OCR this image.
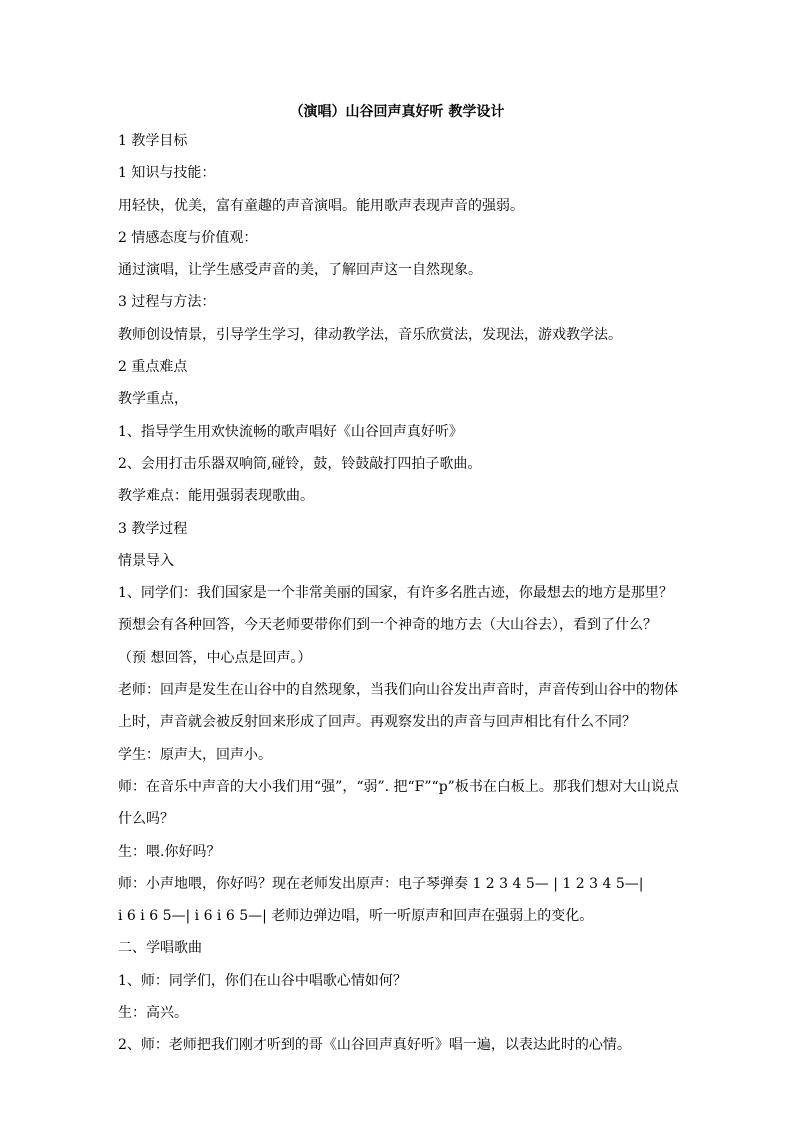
（演唱）山谷回声真好听 教学设计
1 教学目标
1 知识与技能：
用轻快，优美，富有童趣的声音演唱。能用歌声表现声音的强弱。
2 情感态度与价值观：
通过演唱，让学生感受声音的美，了解回声这一自然现象。
3 过程与方法：
教师创设情景，引导学生学习，律动教学法，音乐欣赏法，发现法，游戏教学法。
2 重点难点
教学重点，
1、指导学生用欢快流畅的歌声唱好《山谷回声真好听》
2、会用打击乐器双响筒,碰铃，鼓，铃鼓敲打四拍子歌曲。
教学难点：能用强弱表现歌曲。
3 教学过程
情景导入
1、同学们：我们国家是一个非常美丽的国家，有许多名胜古迹，你最想去的地方是那里？
预想会有各种回答，今天老师要带你们到一个神奇的地方去（大山谷去），看到了什么？
（预 想回答，中心点是回声。）
老师：回声是发生在山谷中的自然现象，当我们向山谷发出声音时，声音传到山谷中的物体
上时，声音就会被反射回来形成了回声。再观察发出的声音与回声相比有什么不同？
学生：原声大，回声小。
师：在音乐中声音的大小我们用“强”，“弱”. 把“F”“p”板书在白板上。那我们想对大山说点
什么吗？
生：喂.你好吗？
师：小声地喂，你好吗？现在老师发出原声：电子琴弹奏 1 2 3 4 5— | 1 2 3 4 5—|
i 6 i 6 5—| i 6 i 6 5—| 老师边弹边唱，听一听原声和回声在强弱上的变化。
二、学唱歌曲
1、师：同学们，你们在山谷中唱歌心情如何？
生：高兴。
2、师：老师把我们刚才听到的哥《山谷回声真好听》唱一遍，以表达此时的心情。
